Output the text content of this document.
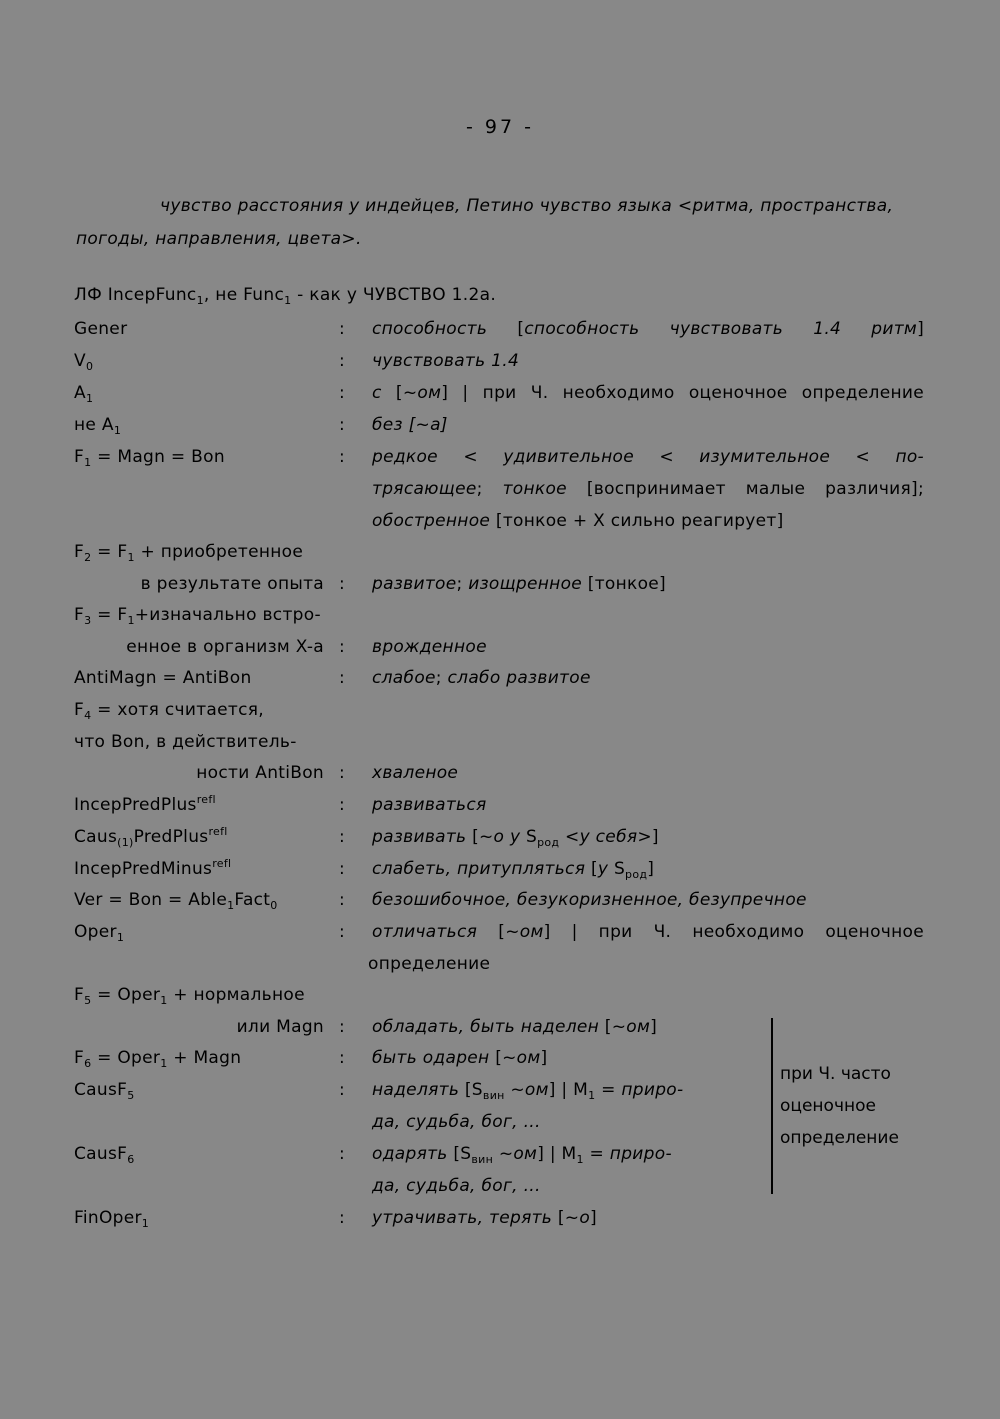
- 97 -
чувство расстояния у индейцев, Петино чувство языка <ритма, пространства, погоды, направления, цвета>.
ЛФ IncepFunc$_1$, не Func$_1$ - как у ЧУВСТВО 1.2а.
Gener	: способность [способность чувствовать 1.4 ритм]
$V_0$	: чувствовать 1.4
$A_1$	: с [~ом] | при Ч. необходимо оценочное определение
не $A_1$	: без [~а]
$F_1$ = Magn = Bon	: редкое < удивительное < изумительное < по-
трясающее; тонкое [воспринимает малые различия];
обостренное [тонкое + X сильно реагирует]
$F_2 = F_1$ + приобретенное
в результате опыта : развитое; изощренное [тонкое]
$F_3$ = $F_1+изначально$ встро-
енное в организм X-а : врожденное
AntiMagn = AntiBon	: слабое; слабо развитое
$F_4$ = хотя считается,
что Bon, в действитель-
ности AntiBon : хваленое
IncepPredPlus$^{refl}$	: развиваться
Caus$_{(1)}$PredPlus$^{refl}$	: развивать [~о у $S_{род} <у$ себя>]
IncepPredMinus$^{refl}$	: слабеть, притупляться [у $S_{род}$]
Ver = Bon = Able$_1$Fact$_0$	: безошибочное, безукоризненное, безупречное
Oper$_1$	: отличаться [~ом] | при Ч. необходимо оценочное
определение
$F_5$ = Oper$_1$ + нормальное
или Magn : обладать, быть наделен [~ом]
$F_6$ = Oper$_1$ + Magn	: быть одарен [~ом]
CausF$_5$	: наделять [$S_{вин}$ ~ом] | $M_1$ = приро-
да, судьба, бог, ...
CausF$_6$	: одарять [$S_{вин}$ ~ом] | $M_1$ = приро-
да, судьба, бог, ...
FinOper$_1$	: утрачивать, терять [~о]
при Ч. часто оценочное определение
